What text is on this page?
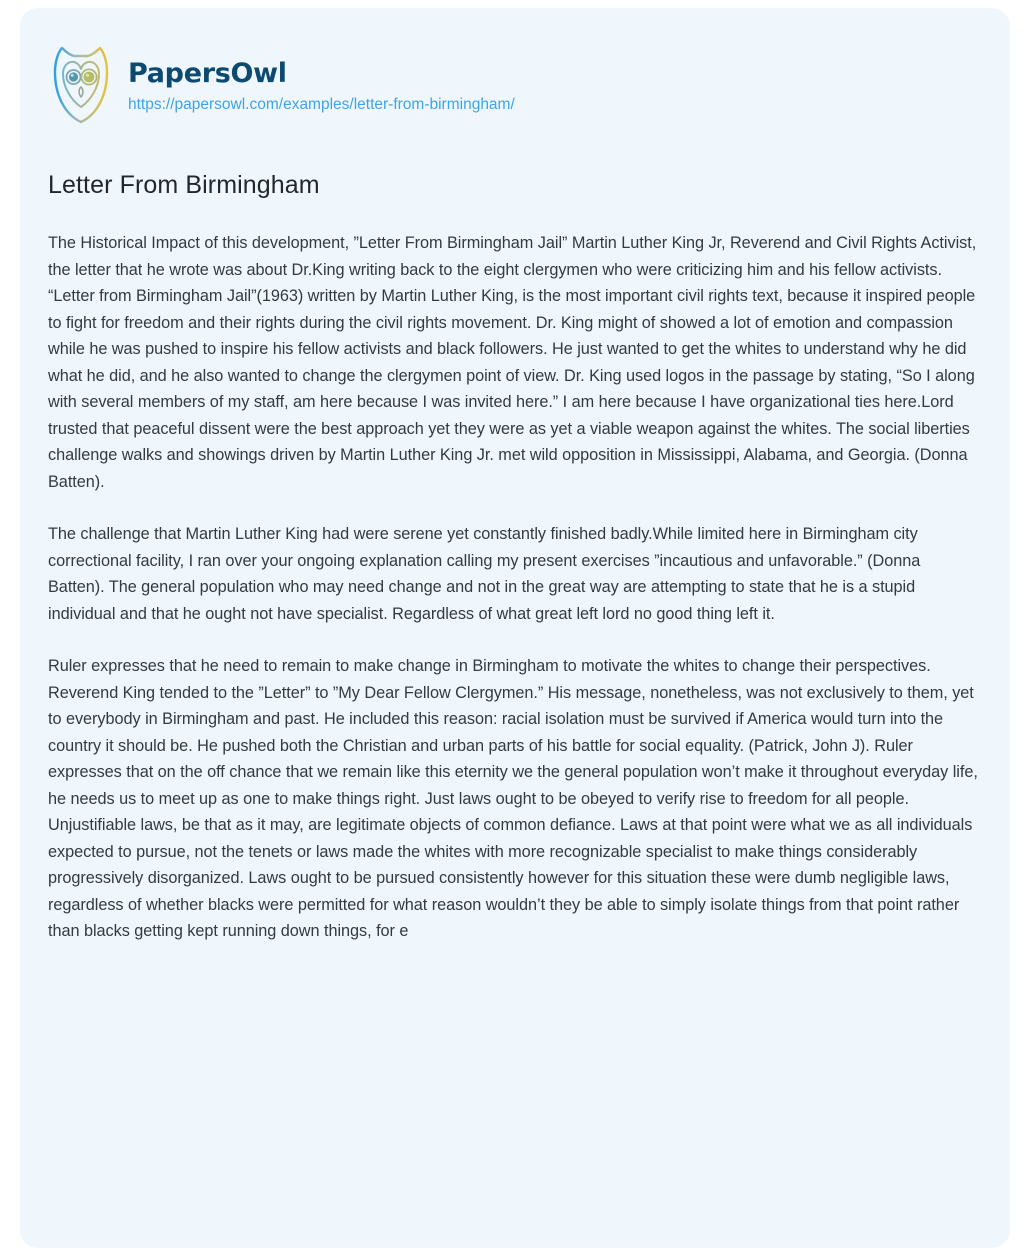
PapersOwl
https://papersowl.com/examples/letter-from-birmingham/
Letter From Birmingham

The Historical Impact of this development, ”Letter From Birmingham Jail” Martin Luther King Jr, Reverend and Civil Rights Activist, the letter that he wrote was about Dr.King writing back to the eight clergymen who were criticizing him and his fellow activists. “Letter from Birmingham Jail”(1963) written by Martin Luther King, is the most important civil rights text, because it inspired people to fight for freedom and their rights during the civil rights movement. Dr. King might of showed a lot of emotion and compassion while he was pushed to inspire his fellow activists and black followers. He just wanted to get the whites to understand why he did what he did, and he also wanted to change the clergymen point of view. Dr. King used logos in the passage by stating, “So I along with several members of my staff, am here because I was invited here.” I am here because I have organizational ties here.Lord trusted that peaceful dissent were the best approach yet they were as yet a viable weapon against the whites. The social liberties challenge walks and showings driven by Martin Luther King Jr. met wild opposition in Mississippi, Alabama, and Georgia. (Donna Batten).

The challenge that Martin Luther King had were serene yet constantly finished badly.While limited here in Birmingham city correctional facility, I ran over your ongoing explanation calling my present exercises ”incautious and unfavorable.” (Donna Batten). The general population who may need change and not in the great way are attempting to state that he is a stupid individual and that he ought not have specialist. Regardless of what great left lord no good thing left it.

Ruler expresses that he need to remain to make change in Birmingham to motivate the whites to change their perspectives. Reverend King tended to the ”Letter” to ”My Dear Fellow Clergymen.” His message, nonetheless, was not exclusively to them, yet to everybody in Birmingham and past. He included this reason: racial isolation must be survived if America would turn into the country it should be. He pushed both the Christian and urban parts of his battle for social equality. (Patrick, John J). Ruler expresses that on the off chance that we remain like this eternity we the general population won’t make it throughout everyday life, he needs us to meet up as one to make things right. Just laws ought to be obeyed to verify rise to freedom for all people. Unjustifiable laws, be that as it may, are legitimate objects of common defiance. Laws at that point were what we as all individuals expected to pursue, not the tenets or laws made the whites with more recognizable specialist to make things considerably progressively disorganized. Laws ought to be pursued consistently however for this situation these were dumb negligible laws, regardless of whether blacks were permitted for what reason wouldn’t they be able to simply isolate things from that point rather than blacks getting kept running down things, for e
